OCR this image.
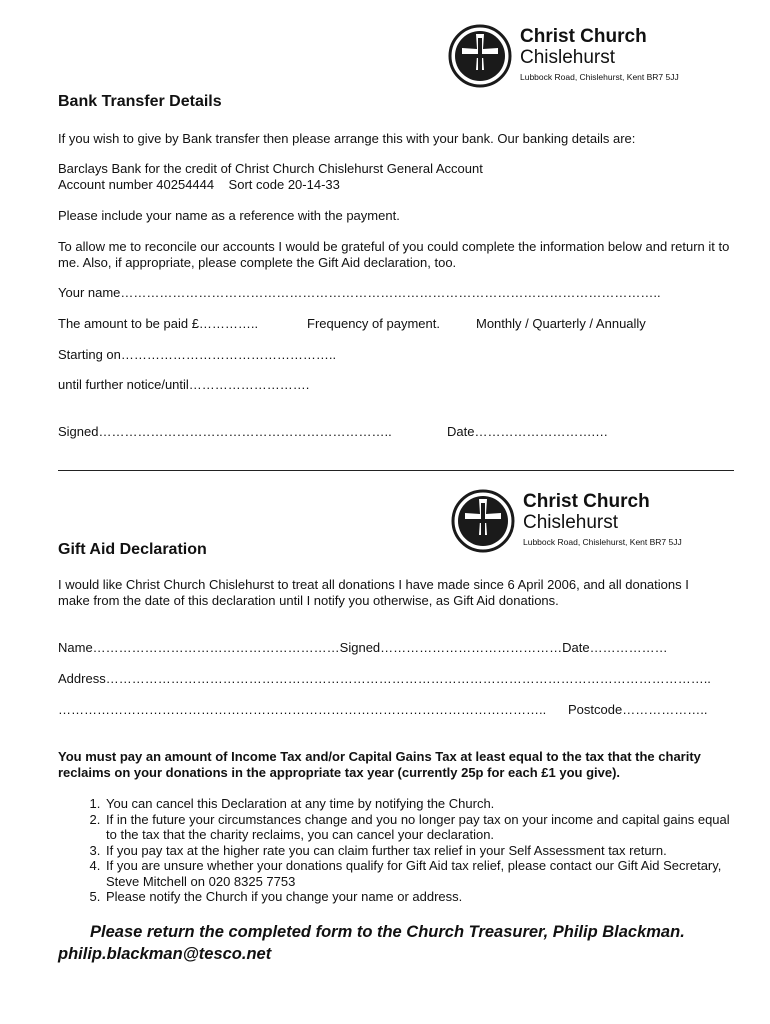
Christ Church
Chislehurst
Lubbock Road, Chislehurst, Kent BR7 5JJ
Bank Transfer Details
If you wish to give by Bank transfer then please arrange this with your bank. Our banking details are:
Barclays Bank for the credit of Christ Church Chislehurst General Account
Account number 40254444    Sort code 20-14-33
Please include your name as a reference with the payment.
To allow me to reconcile our accounts I would be grateful of you could complete the information below and return it to me. Also, if appropriate, please complete the Gift Aid declaration, too.
Your name……………………………………………………………………………………………………………..
The amount to be paid £…………..	Frequency of payment.	Monthly / Quarterly / Annually
Starting on…………………………………………..
until further notice/until……………………….
Signed…………………………………………………………..	Date……………………….…
Christ Church
Chislehurst
Lubbock Road, Chislehurst, Kent BR7 5JJ
Gift Aid Declaration
I would like Christ Church Chislehurst to treat all donations I have made since 6 April 2006, and all donations I make from the date of this declaration until I notify you otherwise, as Gift Aid donations.
Name…………………………………………………Signed……………………………………Date………………
Address…………………………………………………………………………………………………………………………..
………………………………………………………………………………………………….. Postcode………………..
You must pay an amount of Income Tax and/or Capital Gains Tax at least equal to the tax that the charity reclaims on your donations in the appropriate tax year (currently 25p for each £1 you give).
1. You can cancel this Declaration at any time by notifying the Church.
2. If in the future your circumstances change and you no longer pay tax on your income and capital gains equal to the tax that the charity reclaims, you can cancel your declaration.
3. If you pay tax at the higher rate you can claim further tax relief in your Self Assessment tax return.
4. If you are unsure whether your donations qualify for Gift Aid tax relief, please contact our Gift Aid Secretary, Steve Mitchell on 020 8325 7753
5. Please notify the Church if you change your name or address.
Please return the completed form to the Church Treasurer, Philip Blackman. philip.blackman@tesco.net
